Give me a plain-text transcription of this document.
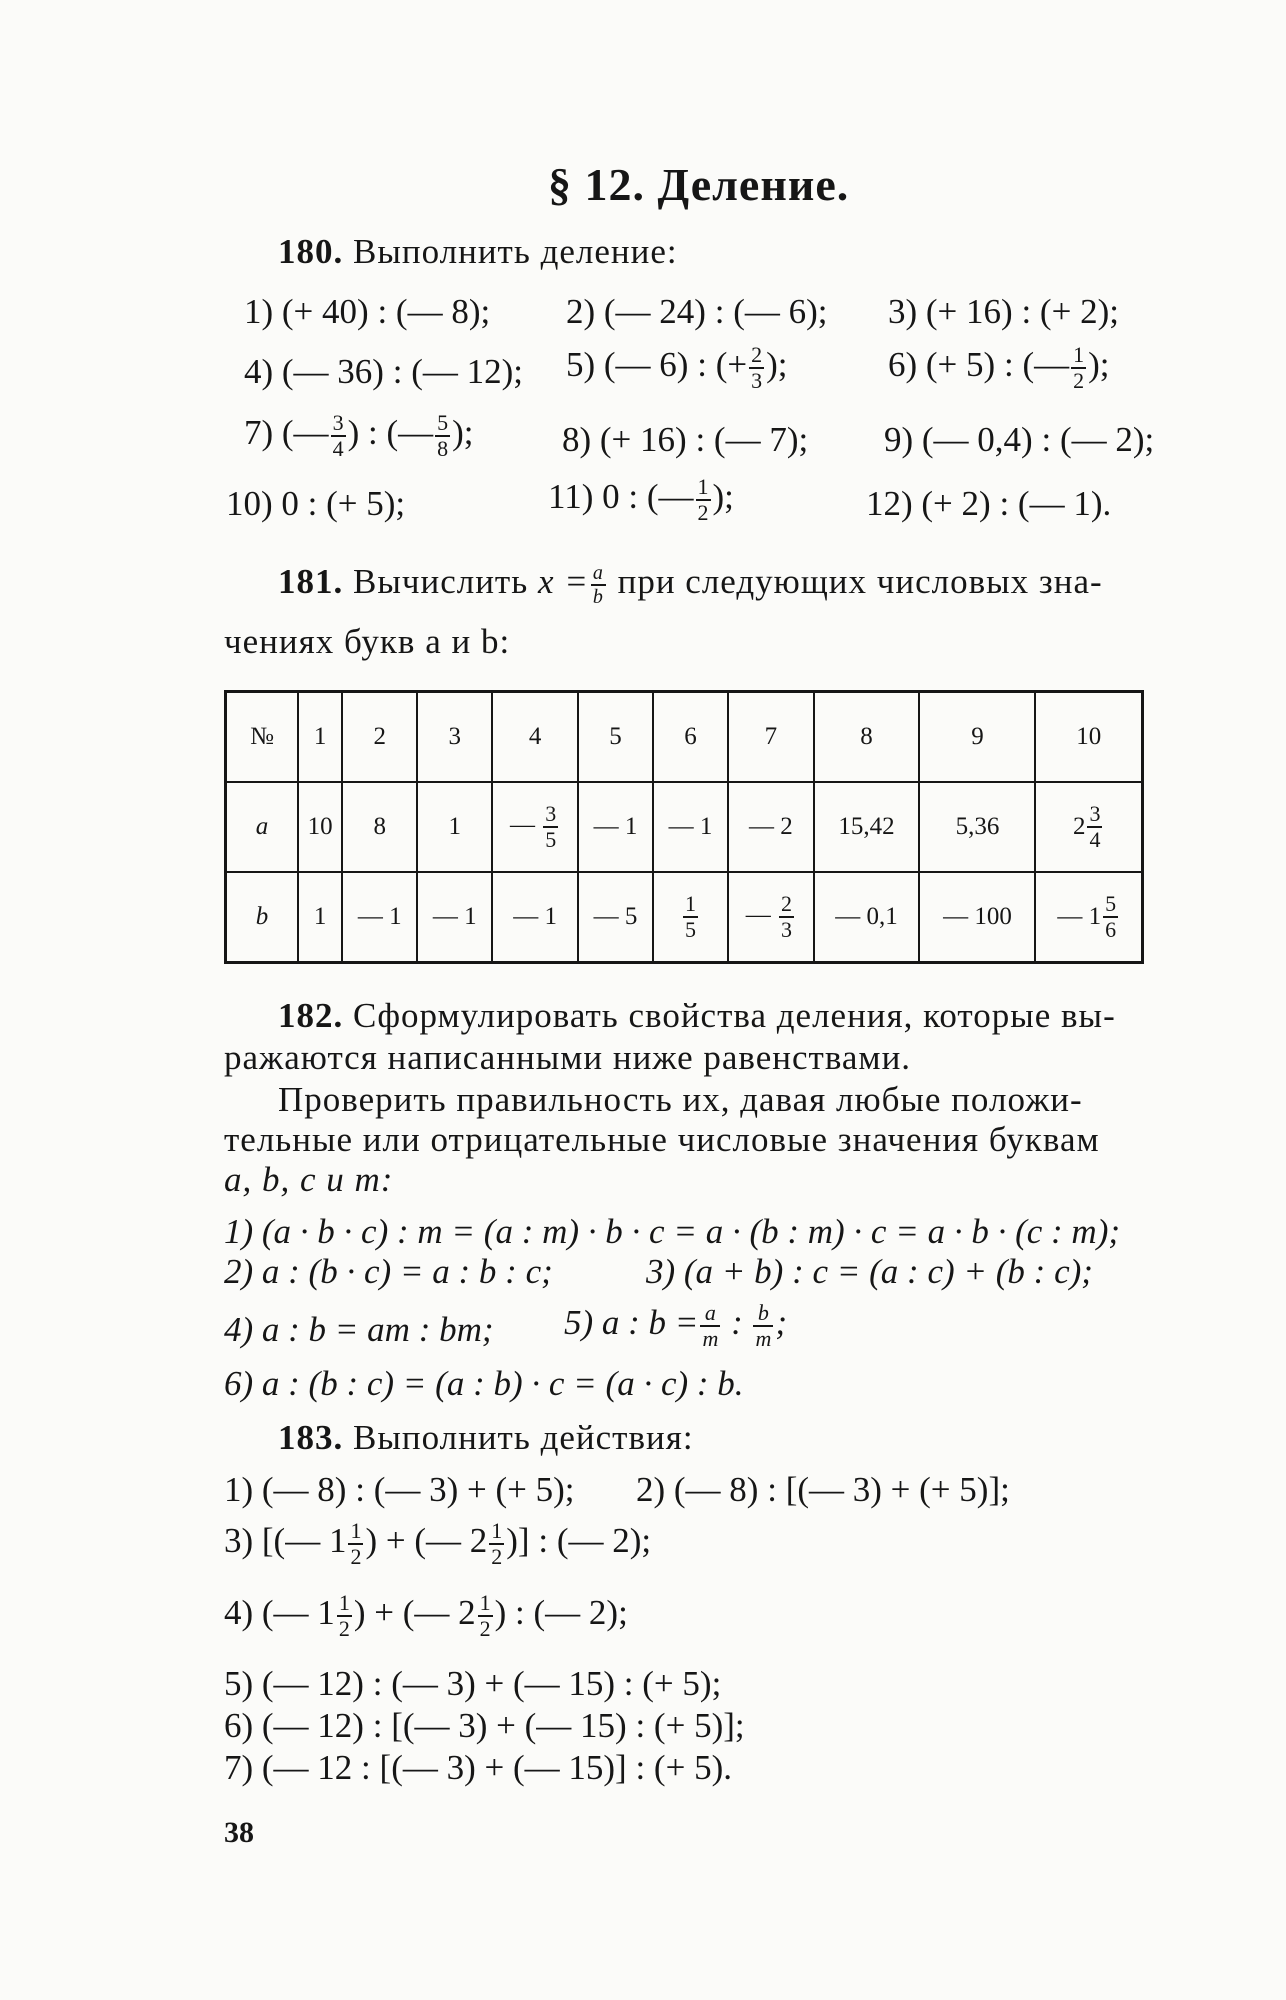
§ 12. Деление.
180. Выполнить деление:
1) (+ 40) : (— 8); 2) (— 24) : (— 6); 3) (+ 16) : (+ 2);
4) (— 36) : (— 12); 5) (— 6) : (+ $\frac{2}{3}$ );	6) (+ 5) : (— $\frac{1}{2}$ );
7) (— $\frac{3}{4}$ ) : (— $\frac{5}{8}$ );	8) (+ 16) : (— 7); 9) (— 0,4) : (— 2);
10) 0 : (+ 5);	11) 0 : (— $\frac{1}{2}$ );	12) (+ 2) : (— 1).
181. Вычислить $x = \frac{a}{b}$ при следующих числовых зна-
чениях букв a и b:
№	1	2	3	4	5	6	7	8	9	10
a	10	8	1	— $\frac{3}{5}$	— 1	— 1	— 2	15,42	5,36	$2 \frac{3}{4}$

b	1	— 1	— 1	— 1	— 5	$\frac{1}{5}$	— $\frac{2}{3}$	— 0,1	— 100	— $1 \frac{5}{6}$
182. Сформулировать свойства деления, которые вы-
ражаются написанными ниже равенствами.
Проверить правильность их, давая любые положи-
тельные или отрицательные числовые значения буквам
a, b, c и m:
1) (a · b · c) : m = (a : m) · b · c = a · (b : m) · c = a · b · (c : m);
2) a : (b · c) = a : b : c;	3) (a + b) : c = (a : c) + (b : c);
4) a : b = am : bm; 5) a : $b = \frac{a}{m}$ : $\frac{b}{m}$ ;
6) a : (b : c) = (a : b) · c = (a · c) : b.
183. Выполнить действия:
1) (— 8) : (— 3) + (+ 5); 2) (— 8) : [(— 3) + (+ 5)];
3) [(— $1 \frac{1}{2}$ ) + (— $2 \frac{1}{2}$ )] : (— 2);
4) (— $1 \frac{1}{2}$ ) + (— $2 \frac{1}{2}$ ) : (— 2);
5) (— 12) : (— 3) + (— 15) : (+ 5);
6) (— 12) : [(— 3) + (— 15) : (+ 5)];
7) (— 12 : [(— 3) + (— 15)] : (+ 5).
38
